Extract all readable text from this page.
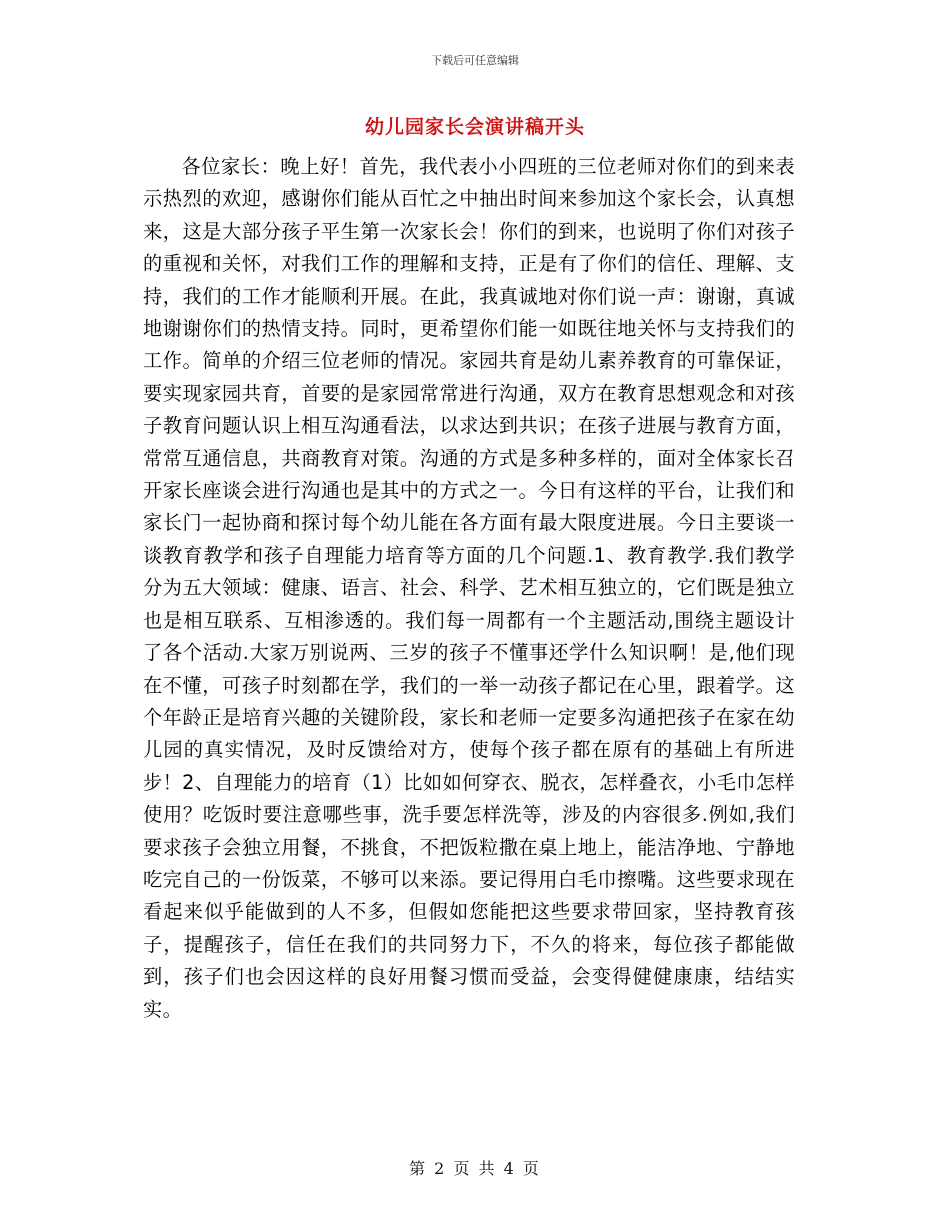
下载后可任意编辑
幼儿园家长会演讲稿开头

各位家长：晚上好！首先，我代表小小四班的三位老师对你们的到来表示热烈的欢迎，感谢你们能从百忙之中抽出时间来参加这个家长会，认真想来，这是大部分孩子平生第一次家长会！你们的到来，也说明了你们对孩子的重视和关怀，对我们工作的理解和支持，正是有了你们的信任、理解、支持，我们的工作才能顺利开展。在此，我真诚地对你们说一声：谢谢，真诚地谢谢你们的热情支持。同时，更希望你们能一如既往地关怀与支持我们的工作。简单的介绍三位老师的情况。家园共育是幼儿素养教育的可靠保证，要实现家园共育，首要的是家园常常进行沟通，双方在教育思想观念和对孩子教育问题认识上相互沟通看法，以求达到共识；在孩子进展与教育方面，常常互通信息，共商教育对策。沟通的方式是多种多样的，面对全体家长召开家长座谈会进行沟通也是其中的方式之一。今日有这样的平台，让我们和家长门一起协商和探讨每个幼儿能在各方面有最大限度进展。今日主要谈一谈教育教学和孩子自理能力培育等方面的几个问题.1、教育教学.我们教学分为五大领域：健康、语言、社会、科学、艺术相互独立的，它们既是独立也是相互联系、互相渗透的。我们每一周都有一个主题活动,围绕主题设计了各个活动.大家万别说两、三岁的孩子不懂事还学什么知识啊！是,他们现在不懂，可孩子时刻都在学，我们的一举一动孩子都记在心里，跟着学。这个年龄正是培育兴趣的关键阶段，家长和老师一定要多沟通把孩子在家在幼儿园的真实情况，及时反馈给对方，使每个孩子都在原有的基础上有所进步！2、自理能力的培育（1）比如如何穿衣、脱衣，怎样叠衣，小毛巾怎样使用？吃饭时要注意哪些事，洗手要怎样洗等，涉及的内容很多.例如,我们要求孩子会独立用餐，不挑食，不把饭粒撒在桌上地上，能洁净地、宁静地吃完自己的一份饭菜，不够可以来添。要记得用白毛巾擦嘴。这些要求现在看起来似乎能做到的人不多，但假如您能把这些要求带回家，坚持教育孩子，提醒孩子，信任在我们的共同努力下，不久的将来，每位孩子都能做到，孩子们也会因这样的良好用餐习惯而受益，会变得健健康康，结结实实。

第 2 页 共 4 页
